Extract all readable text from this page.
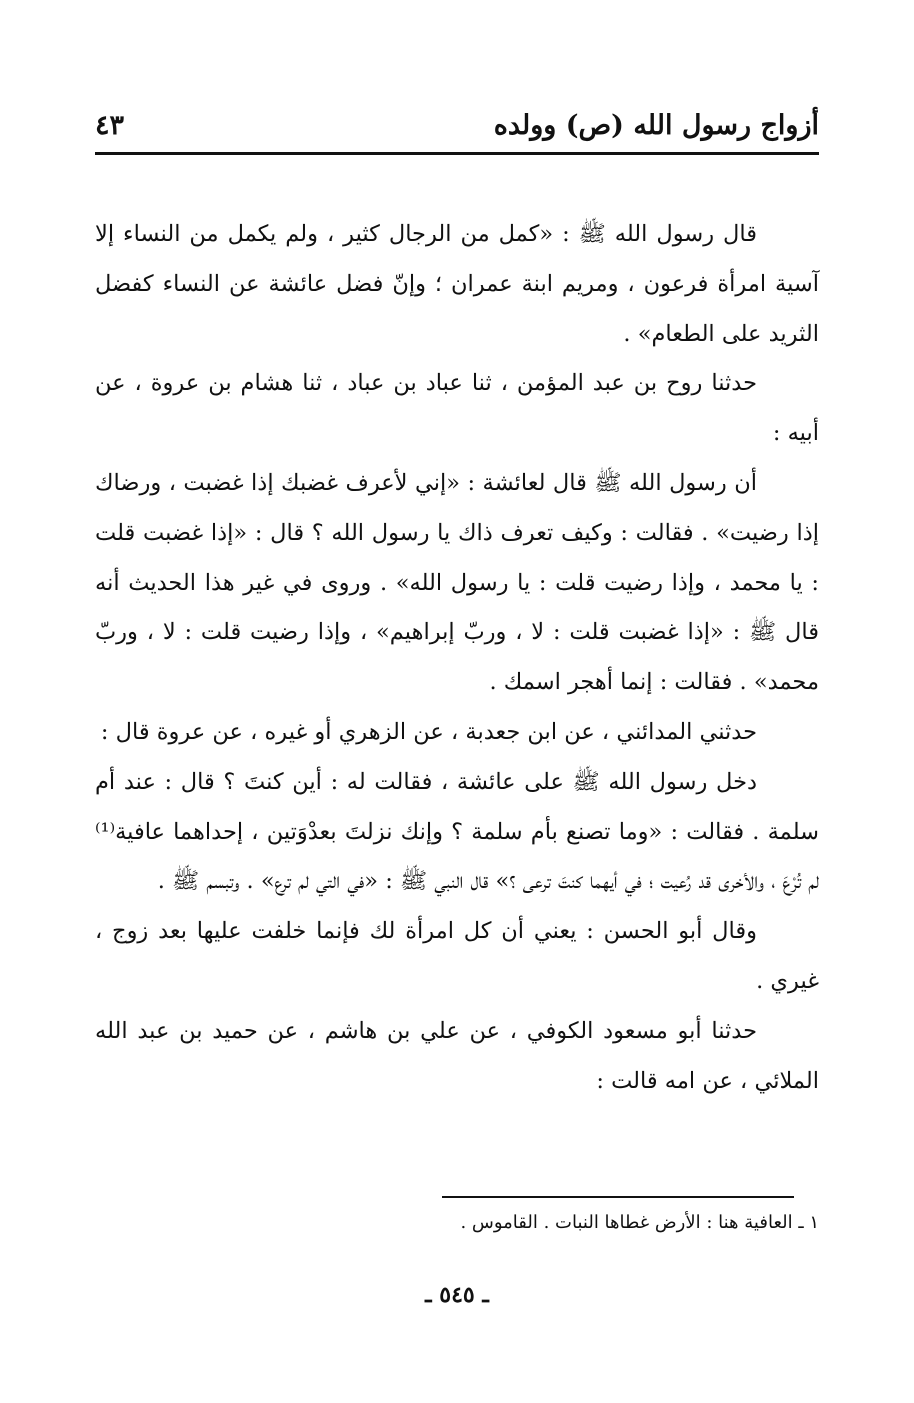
أزواج رسول الله (ص) وولده
٤٣

قال رسول الله ﷺ : «كمل من الرجال كثير ، ولم يكمل من النساء إلا آسية امرأة فرعون ، ومريم ابنة عمران ؛ وإنّ فضل عائشة عن النساء كفضل الثريد على الطعام» .

حدثنا روح بن عبد المؤمن ، ثنا عباد بن عباد ، ثنا هشام بن عروة ، عن أبيه :

أن رسول الله ﷺ قال لعائشة : «إني لأعرف غضبك إذا غضبت ، ورضاك إذا رضيت» . فقالت : وكيف تعرف ذاك يا رسول الله ؟ قال : «إذا غضبت قلت : يا محمد ، وإذا رضيت قلت : يا رسول الله» . وروى في غير هذا الحديث أنه قال ﷺ : «إذا غضبت قلت : لا ، وربّ إبراهيم» ، وإذا رضيت قلت : لا ، وربّ محمد» . فقالت : إنما أهجر اسمك .

حدثني المدائني ، عن ابن جعدبة ، عن الزهري أو غيره ، عن عروة قال :

دخل رسول الله ﷺ على عائشة ، فقالت له : أين كنتَ ؟ قال : عند أم سلمة . فقالت : «وما تصنع بأم سلمة ؟ وإنك نزلتَ بعدْوَتين ، إحداهما عافية⁽¹⁾ لم تُرْعَ ، والأخرى قد رُعيت ؛ في أيهما كنتَ ترعى ؟» قال النبي ﷺ : «في التي لم ترع» . وتبسم ﷺ .

وقال أبو الحسن : يعني أن كل امرأة لك فإنما خلفت عليها بعد زوج ، غيري .

حدثنا أبو مسعود الكوفي ، عن علي بن هاشم ، عن حميد بن عبد الله الملائي ، عن امه قالت :

١ ـ العافية هنا : الأرض غطاها النبات . القاموس .
ـ ٥٤٥ ـ
